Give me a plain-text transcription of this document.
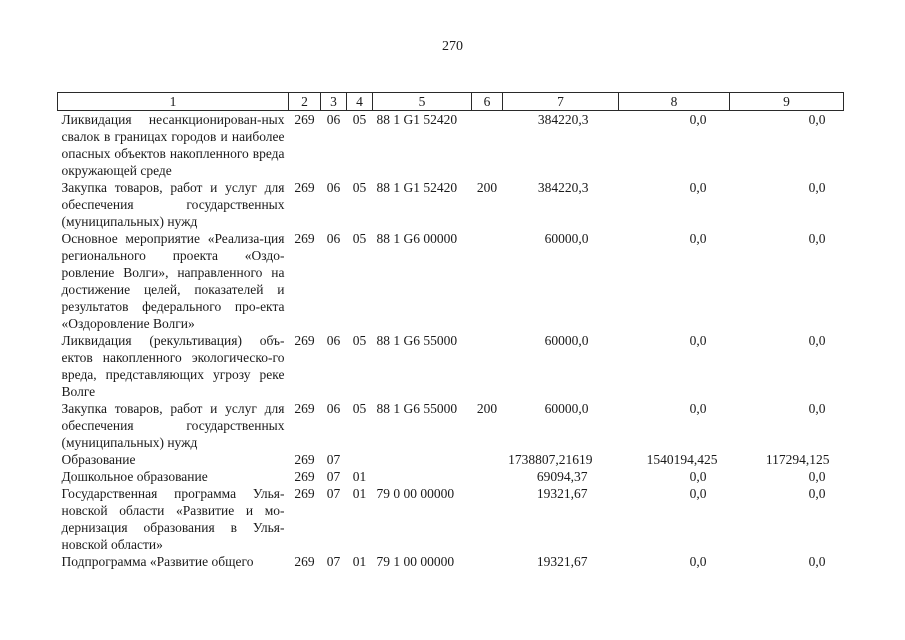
270
1	2	3	4	5	6	7	8	9
Ликвидация несанкционирован-ных свалок в границах городов и наиболее опасных объектов накопленного вреда окружающей среде	269	06	05	88 1 G1 52420		384220,3	0,0	0,0
Закупка товаров, работ и услуг для обеспечения государственных (муниципальных) нужд	269	06	05	88 1 G1 52420	200	384220,3	0,0	0,0
Основное мероприятие «Реализа-ция регионального проекта «Оздо-ровление Волги», направленного на достижение целей, показателей и результатов федерального про-екта «Оздоровление Волги»	269	06	05	88 1 G6 00000		60000,0	0,0	0,0
Ликвидация (рекультивация) объ-ектов накопленного экологическо-го вреда, представляющих угрозу реке Волге	269	06	05	88 1 G6 55000		60000,0	0,0	0,0
Закупка товаров, работ и услуг для обеспечения государственных (муниципальных) нужд	269	06	05	88 1 G6 55000	200	60000,0	0,0	0,0
Образование	269	07				1738807,21619	1540194,425	117294,125
Дошкольное образование	269	07	01			69094,37	0,0	0,0
Государственная программа Улья-новской области «Развитие и мо-дернизация образования в Улья-новской области»	269	07	01	79 0 00 00000		19321,67	0,0	0,0
Подпрограмма «Развитие общего	269	07	01	79 1 00 00000		19321,67	0,0	0,0
